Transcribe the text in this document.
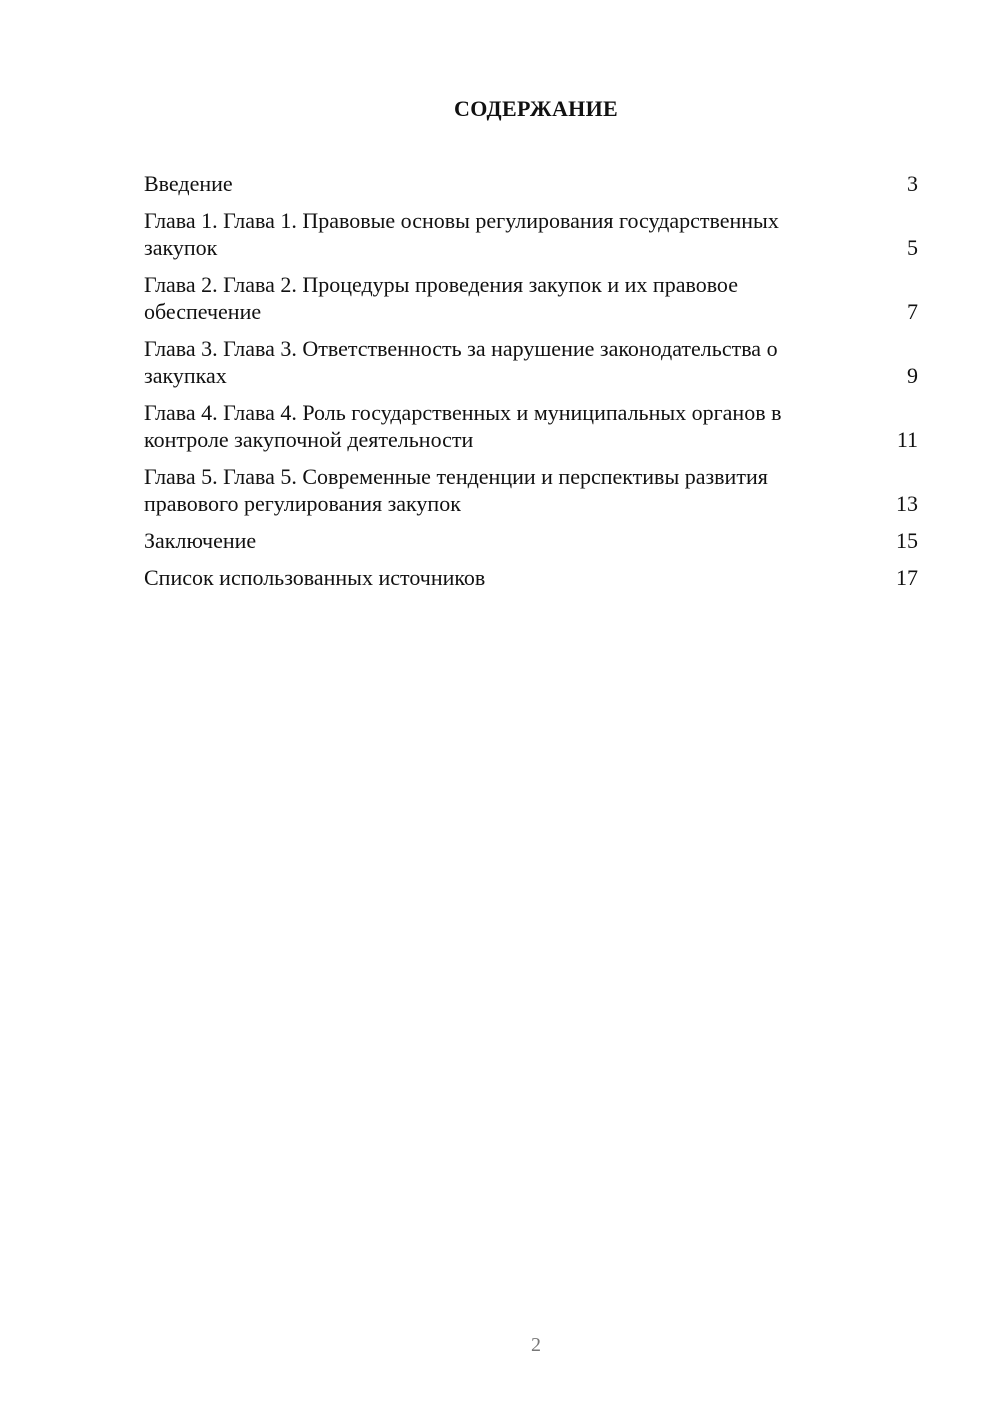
СОДЕРЖАНИЕ
Введение	3
Глава 1. Глава 1. Правовые основы регулирования государственных закупок	5
Глава 2. Глава 2. Процедуры проведения закупок и их правовое обеспечение	7
Глава 3. Глава 3. Ответственность за нарушение законодательства о закупках	9
Глава 4. Глава 4. Роль государственных и муниципальных органов в контроле закупочной деятельности	11
Глава 5. Глава 5. Современные тенденции и перспективы развития правового регулирования закупок	13
Заключение	15
Список использованных источников	17
2
